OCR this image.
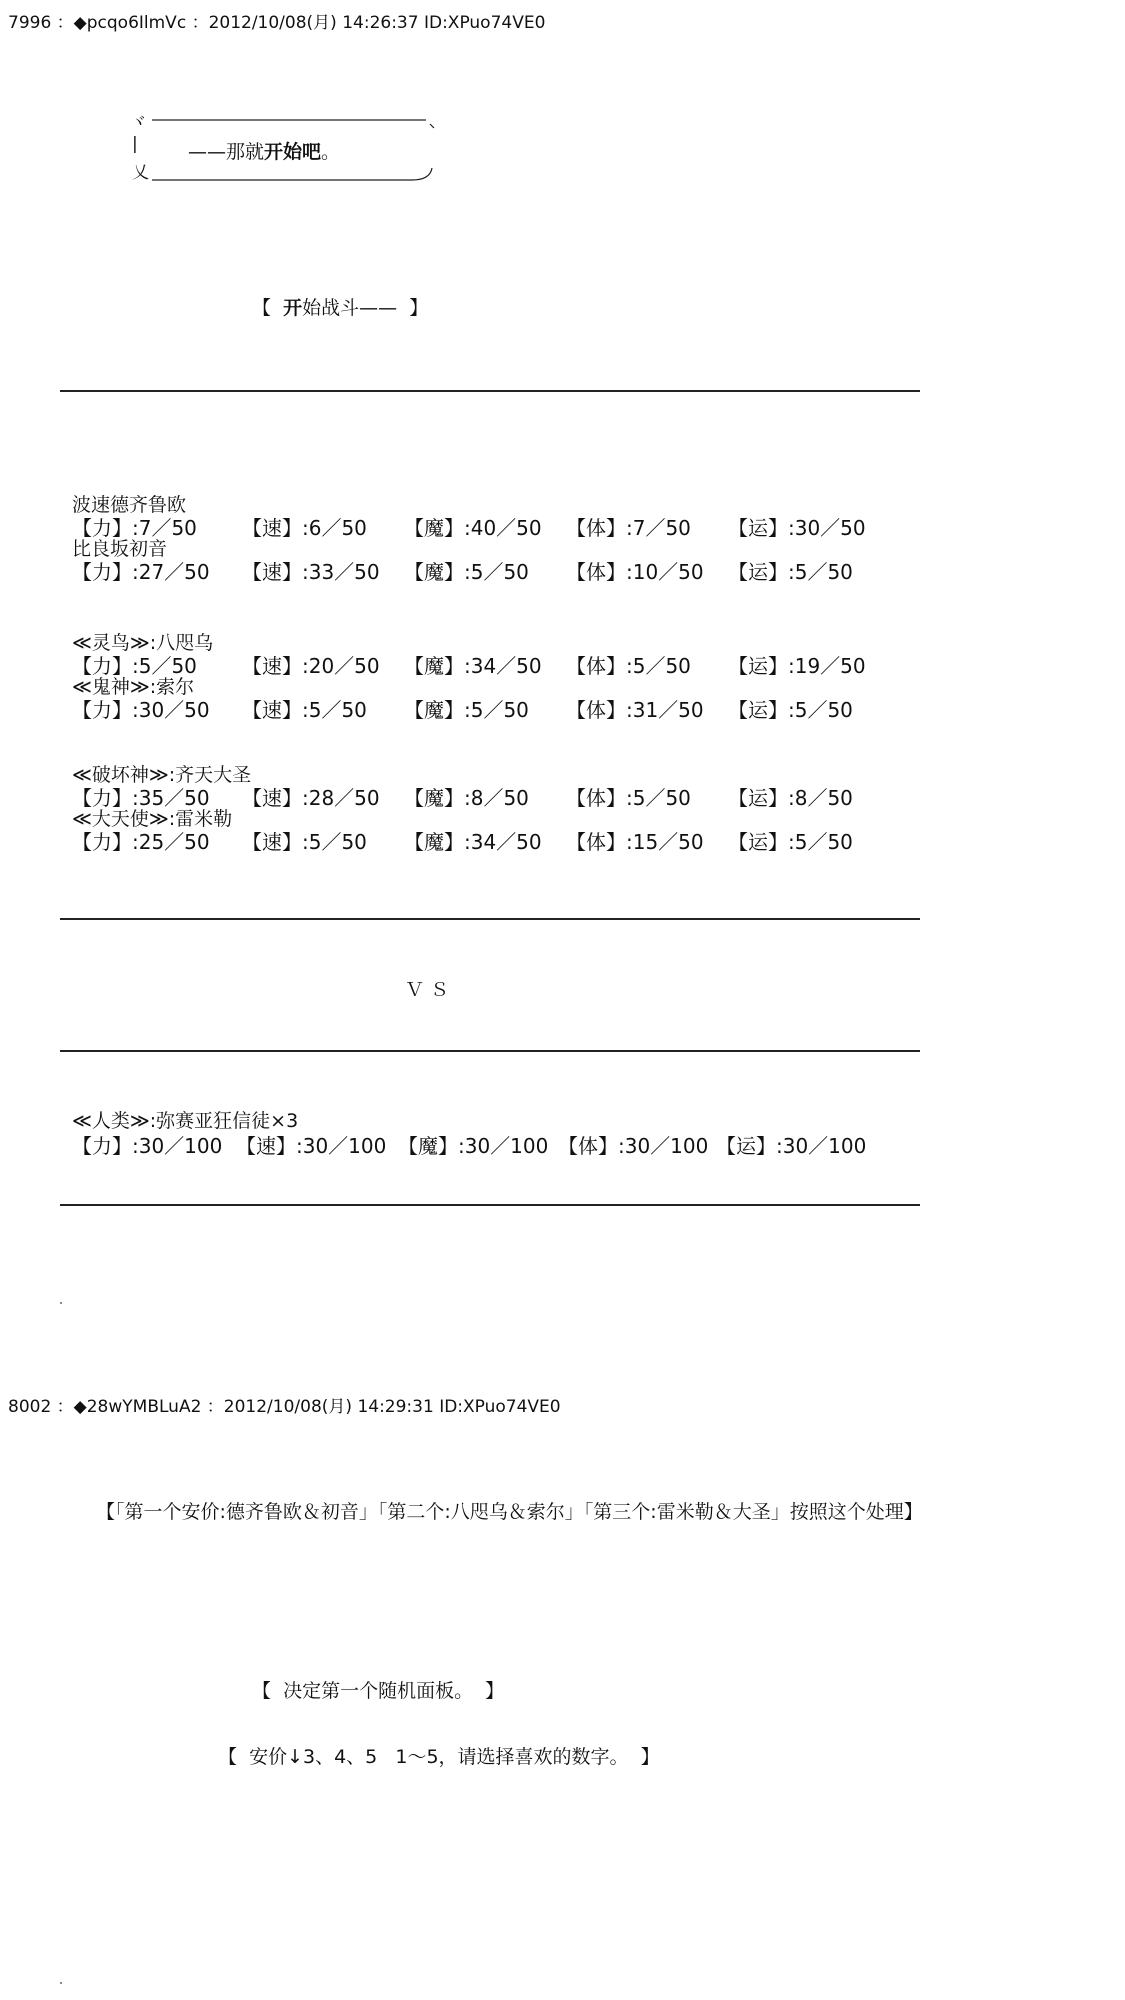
7996 ：◆pcqo6IlmVc ：2012/10/08(月) 14:26:37 ID:XPuo74VE0
ヾ
|
乂
——那就开始吧。
【  开始战斗——  】
波速德齐鲁欧
【力】:7／50 【速】:6／50 【魔】:40／50 【体】:7／50 【运】:30／50
比良坂初音
【力】:27／50 【速】:33／50 【魔】:5／50 【体】:10／50 【运】:5／50
≪灵鸟≫:八咫乌
【力】:5／50 【速】:20／50 【魔】:34／50 【体】:5／50 【运】:19／50
≪鬼神≫:索尔
【力】:30／50 【速】:5／50 【魔】:5／50 【体】:31／50 【运】:5／50
≪破坏神≫:齐天大圣
【力】:35／50 【速】:28／50 【魔】:8／50 【体】:5／50 【运】:8／50
≪大天使≫:雷米勒
【力】:25／50 【速】:5／50 【魔】:34／50 【体】:15／50 【运】:5／50
Ｖ Ｓ
≪人类≫:弥赛亚狂信徒×3
【力】:30／100 【速】:30／100 【魔】:30／100 【体】:30／100 【运】:30／100
8002 ：◆28wYMBLuA2 ：2012/10/08(月) 14:29:31 ID:XPuo74VE0
【「第一个安价:德齐鲁欧＆初音」「第二个:八咫乌＆索尔」「第三个:雷米勒＆大圣」按照这个处理】
【  决定第一个随机面板。  】
【  安价↓3、4、5   1～5，请选择喜欢的数字。  】
